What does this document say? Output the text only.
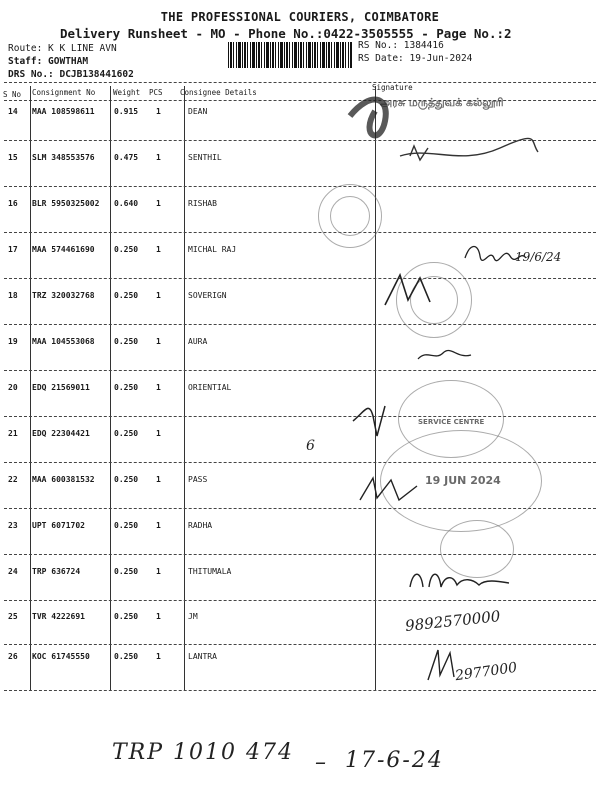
THE PROFESSIONAL COURIERS, COIMBATORE
Delivery Runsheet - MO - Phone No.:0422-3505555 - Page No.:2
Route: K K LINE AVN
Staff: GOWTHAM
DRS No.: DCJB138441602
RS No.: 1384416
RS Date: 19-Jun-2024
S No Consignment No Weight PCS Consignee Details
Signature
14 MAA 108598611 0.915 1	DEAN
15 SLM 348553576 0.475 1	SENTHIL
16 BLR 5950325002 0.640 1	RISHAB
17 MAA 574461690 0.250 1	MICHAL RAJ
18 TRZ 320032768 0.250 1	SOVERIGN
19 MAA 104553068 0.250 1	AURA
20 EDQ 21569011	0.250 1	ORIENTIAL
21 EDQ 22304421	0.250 1
22 MAA 600381532 0.250 1	PASS
23 UPT 6071702	0.250 1	RADHA
24 TRP 636724	0.250 1	THITUMALA
25 TVR 4222691	0.250 1	JM
26 KOC 61745550	0.250 1	LANTRA
அரசு மருத்துவக் கல்லூரி
19/6/24
SERVICE CENTRE
19 JUN 2024
6
9892570000
2977000
TRP 1010 474 – 17-6-24
